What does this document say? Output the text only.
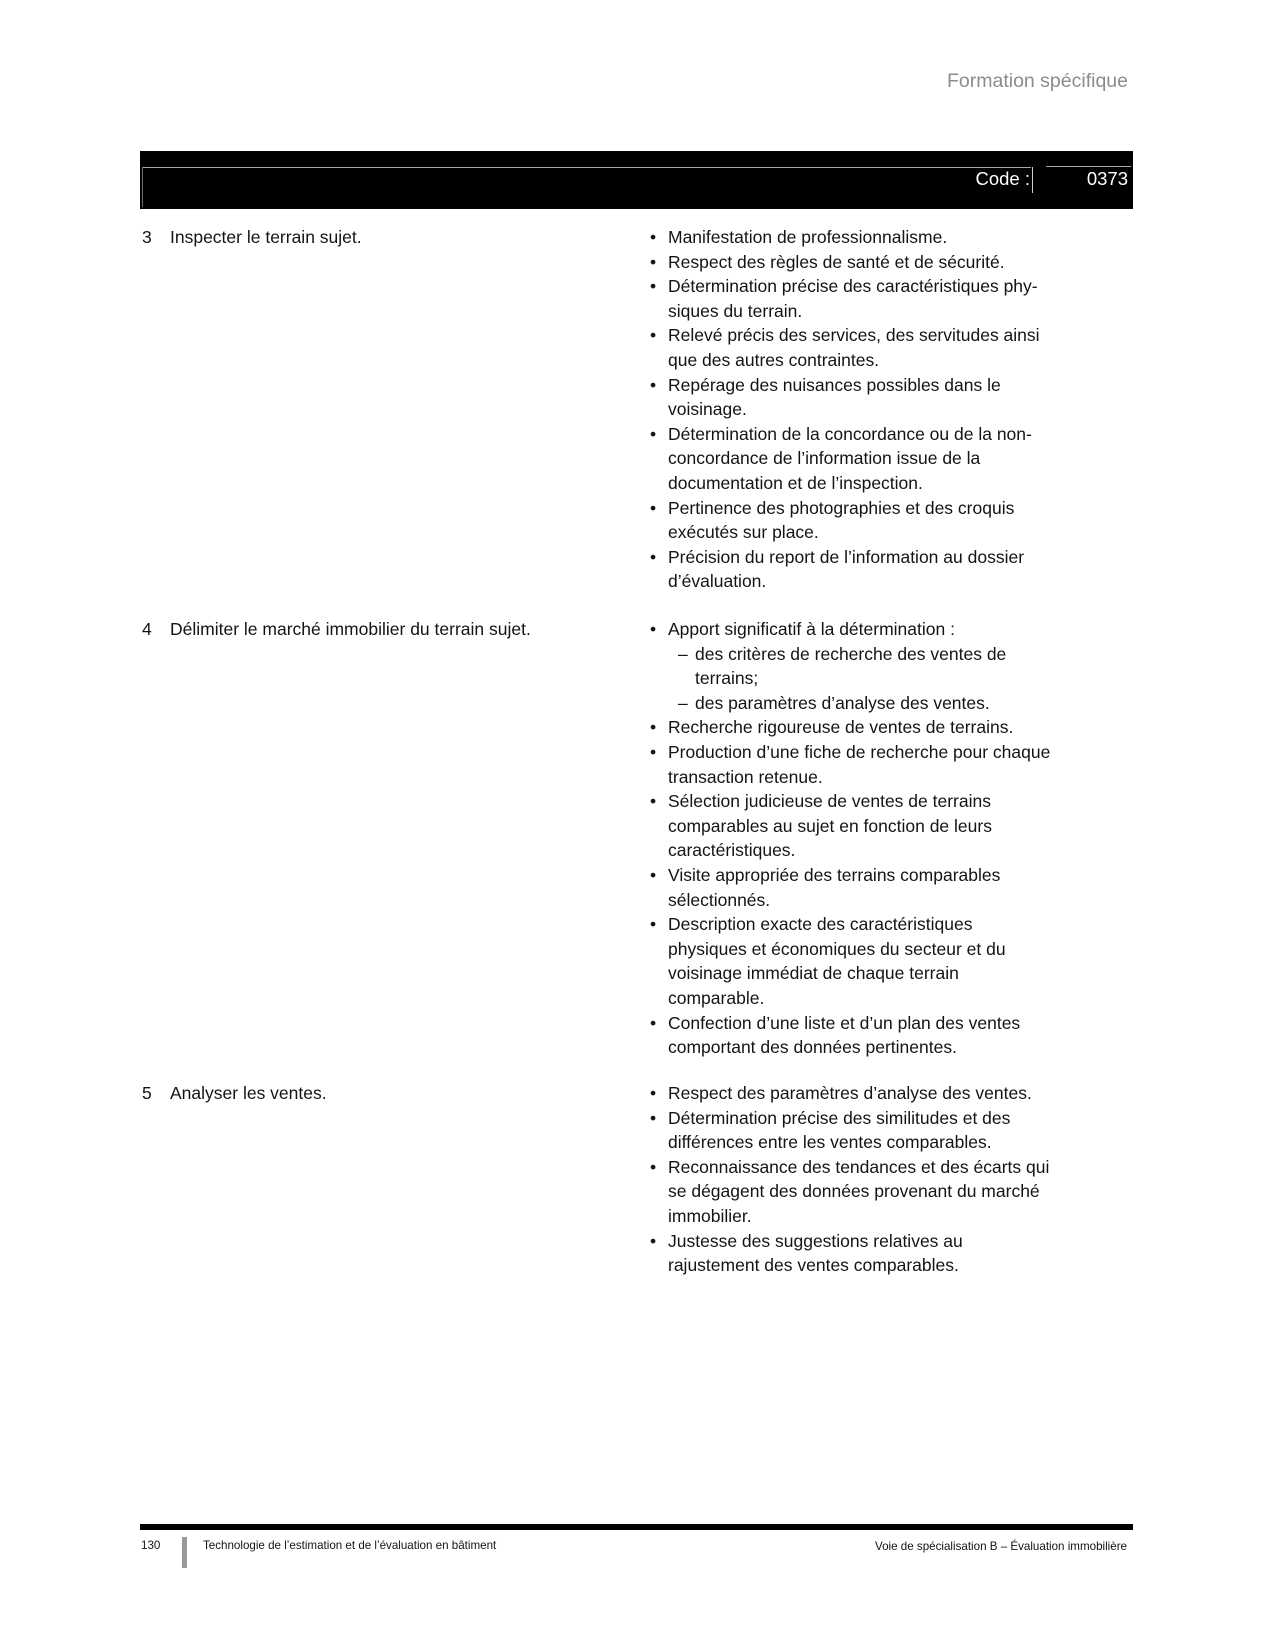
Formation spécifique
Code :	0373
3	Inspecter le terrain sujet.	• Manifestation de professionnalisme.
• Respect des règles de santé et de sécurité.
• Détermination précise des caractéristiques phy-
siques du terrain.
• Relevé précis des services, des servitudes ainsi
que des autres contraintes.
• Repérage des nuisances possibles dans le
voisinage.
• Détermination de la concordance ou de la non-
concordance de l’information issue de la
documentation et de l’inspection.
• Pertinence des photographies et des croquis
exécutés sur place.
• Précision du report de l’information au dossier
d’évaluation.
4	Délimiter le marché immobilier du terrain sujet.	• Apport significatif à la détermination :
– des critères de recherche des ventes de
terrains;
– des paramètres d’analyse des ventes.
• Recherche rigoureuse de ventes de terrains.
• Production d’une fiche de recherche pour chaque
transaction retenue.
• Sélection judicieuse de ventes de terrains
comparables au sujet en fonction de leurs
caractéristiques.
• Visite appropriée des terrains comparables
sélectionnés.
• Description exacte des caractéristiques
physiques et économiques du secteur et du
voisinage immédiat de chaque terrain
comparable.
• Confection d’une liste et d’un plan des ventes
comportant des données pertinentes.
5	Analyser les ventes.	• Respect des paramètres d’analyse des ventes.
• Détermination précise des similitudes et des
différences entre les ventes comparables.
• Reconnaissance des tendances et des écarts qui
se dégagent des données provenant du marché
immobilier.
• Justesse des suggestions relatives au
rajustement des ventes comparables.
130	Technologie de l’estimation et de l’évaluation en bâtiment	Voie de spécialisation B – Évaluation immobilière
